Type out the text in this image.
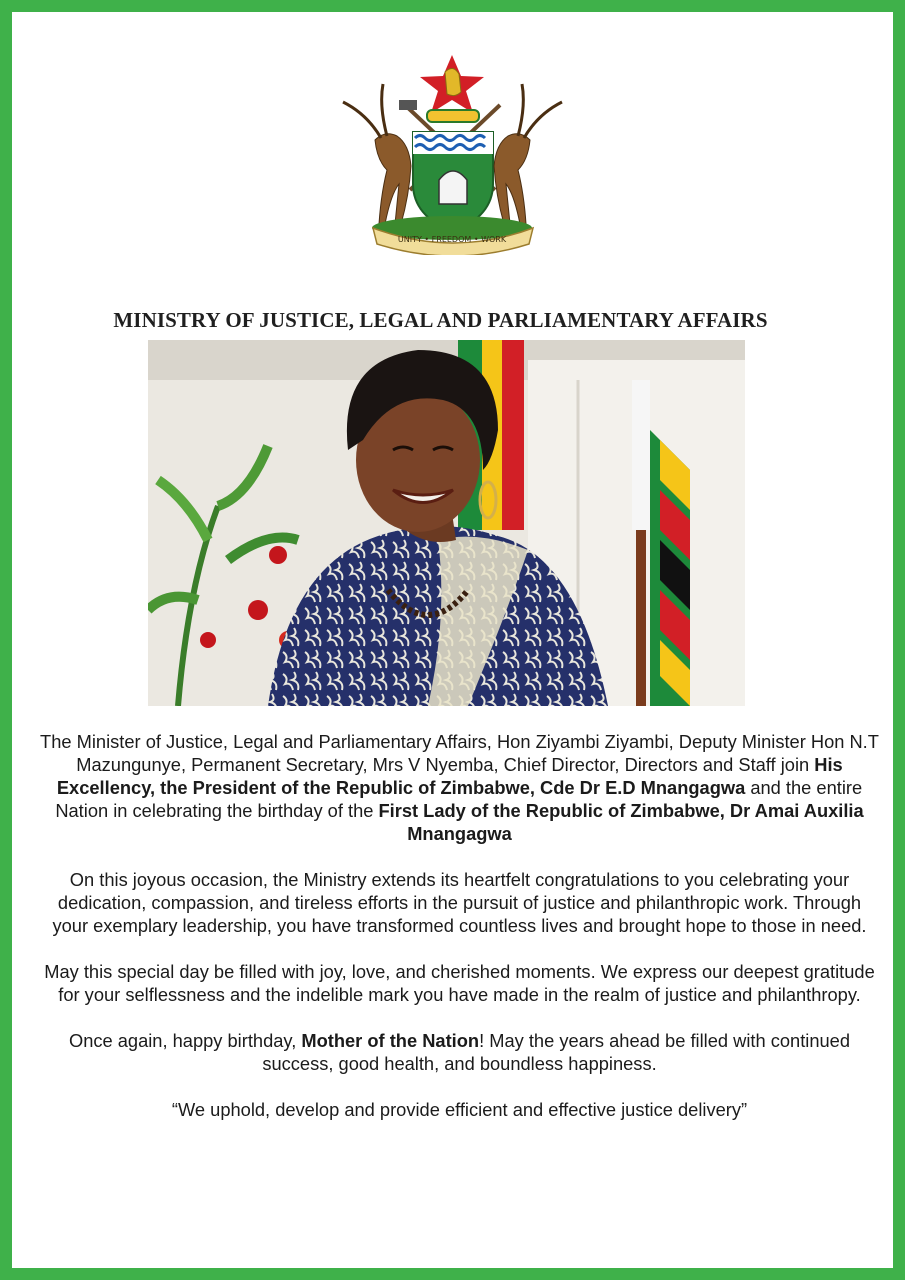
UNITY • FREEDOM • WORK
MINISTRY OF JUSTICE, LEGAL AND PARLIAMENTARY AFFAIRS

The Minister of Justice, Legal and Parliamentary Affairs, Hon Ziyambi Ziyambi, Deputy Minister Hon N.T Mazungunye, Permanent Secretary, Mrs V Nyemba, Chief Director, Directors and Staff join His Excellency, the President of the Republic of Zimbabwe, Cde Dr E.D Mnangagwa and the entire Nation in celebrating the birthday of the First Lady of the Republic of Zimbabwe, Dr Amai Auxilia Mnangagwa

On this joyous occasion, the Ministry extends its heartfelt congratulations to you celebrating your dedication, compassion, and tireless efforts in the pursuit of justice and philanthropic work. Through your exemplary leadership, you have transformed countless lives and brought hope to those in need.

May this special day be filled with joy, love, and cherished moments. We express our deepest gratitude for your selflessness and the indelible mark you have made in the realm of justice and philanthropy.

Once again, happy birthday, Mother of the Nation! May the years ahead be filled with continued success, good health, and boundless happiness.

“We uphold, develop and provide efficient and effective justice delivery”
